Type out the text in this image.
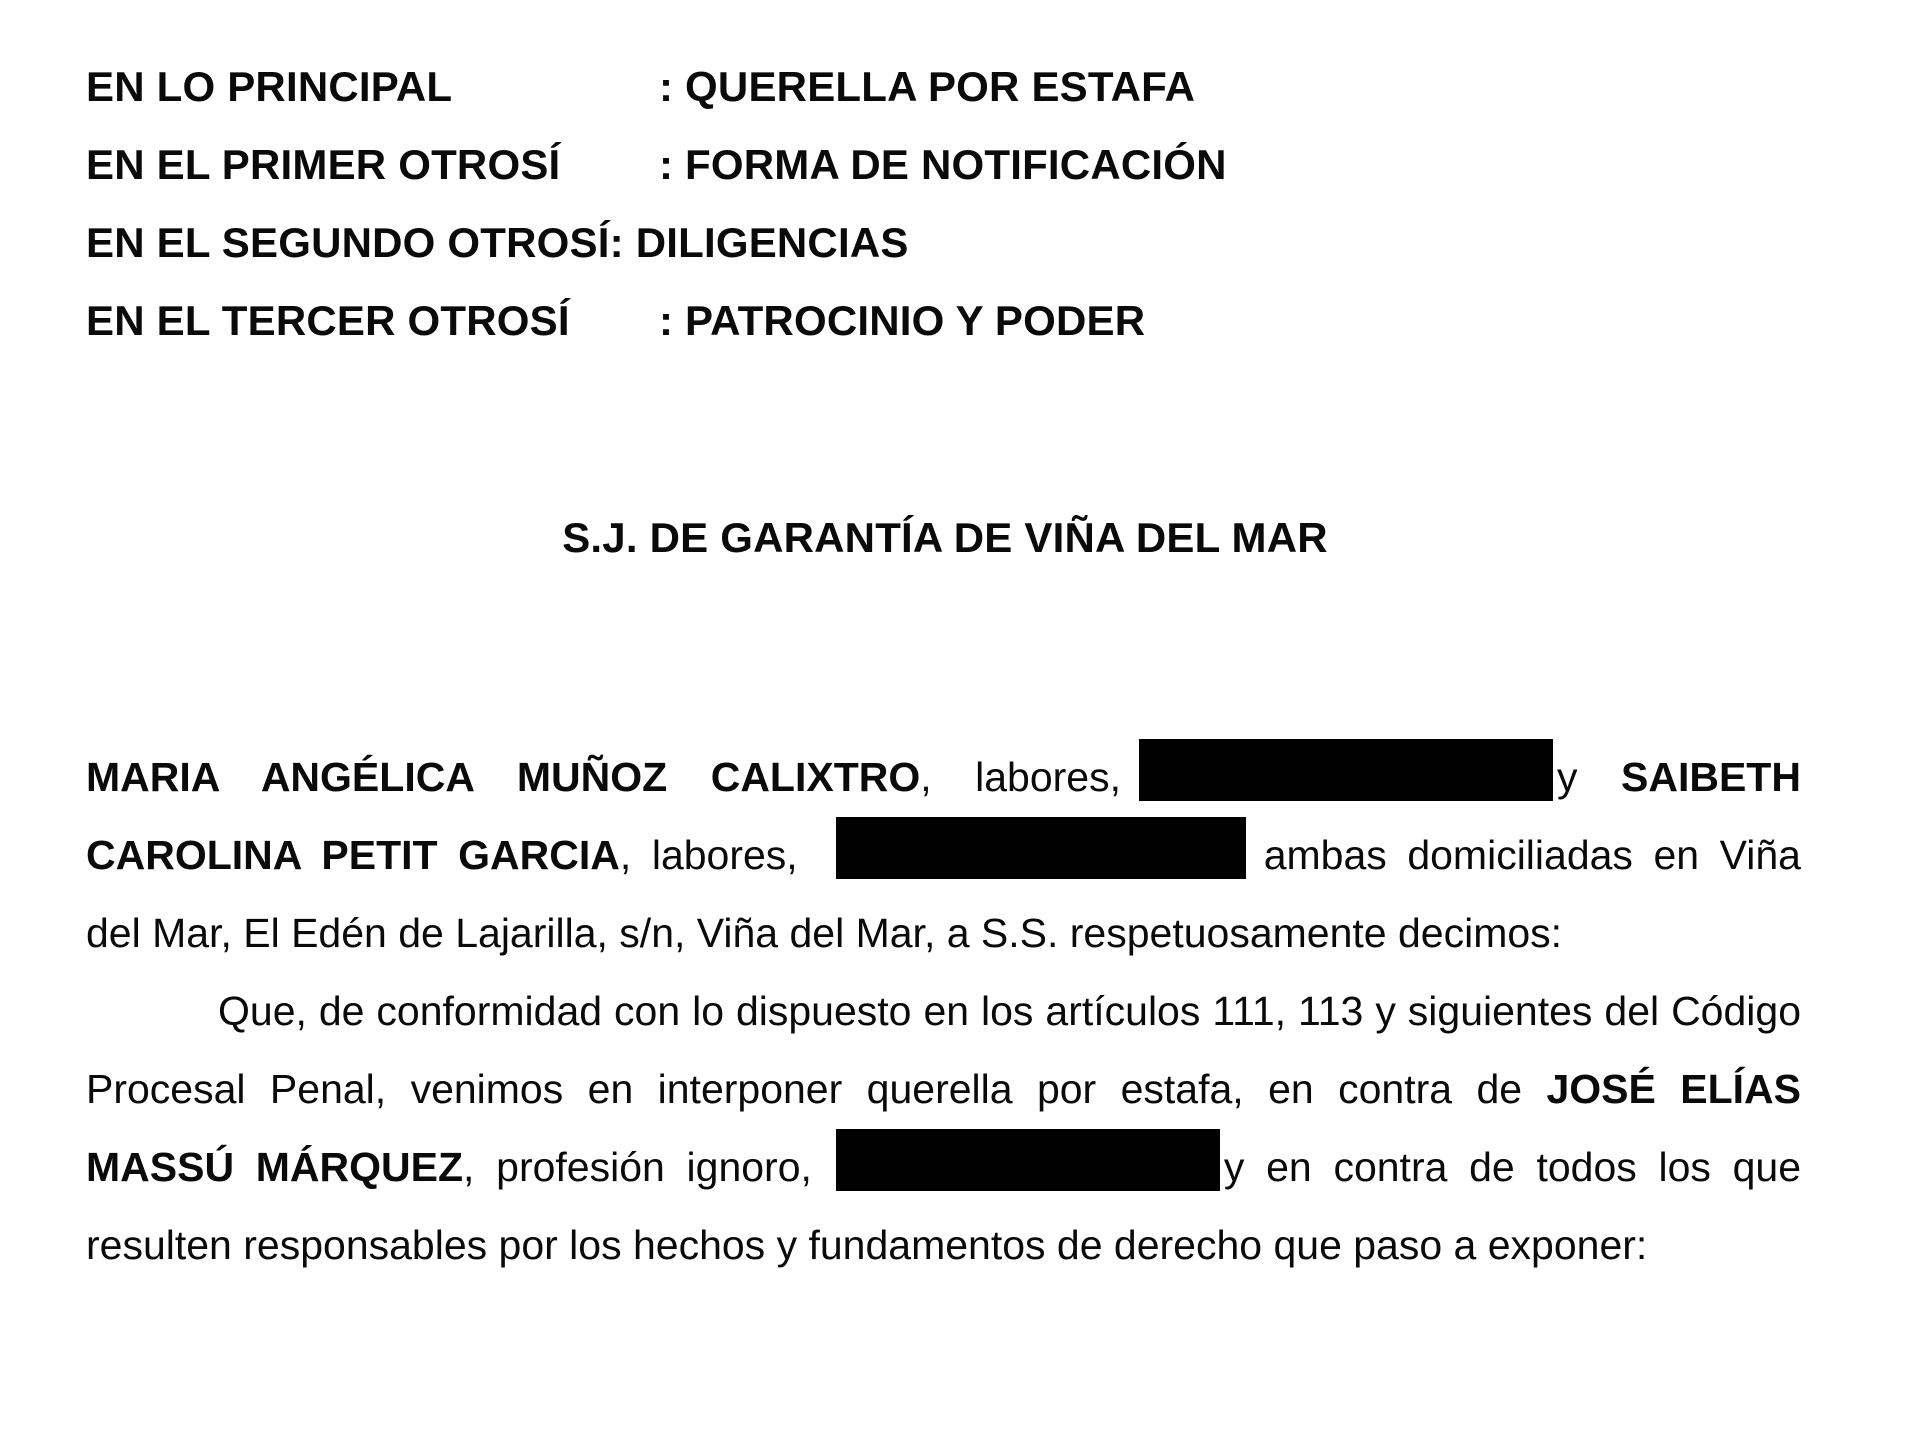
EN LO PRINCIPAL	: QUERELLA POR ESTAFA
EN EL PRIMER OTROSÍ : FORMA DE NOTIFICACIÓN
EN EL SEGUNDO OTROSÍ: DILIGENCIAS
EN EL TERCER OTROSÍ : PATROCINIO Y PODER
S.J. DE GARANTÍA DE VIÑA DEL MAR

MARIA ANGÉLICA MUÑOZ CALIXTRO, labores,	y SAIBETH CAROLINA PETIT GARCIA, labores,	ambas domiciliadas en Viña del Mar, El Edén de Lajarilla, s/n, Viña del Mar, a S.S. respetuosamente decimos:

Que, de conformidad con lo dispuesto en los artículos 111, 113 y siguientes del Código Procesal Penal, venimos en interponer querella por estafa, en contra de JOSÉ ELÍAS MASSÚ MÁRQUEZ, profesión ignoro,	y en contra de todos los que resulten responsables por los hechos y fundamentos de derecho que paso a exponer:
